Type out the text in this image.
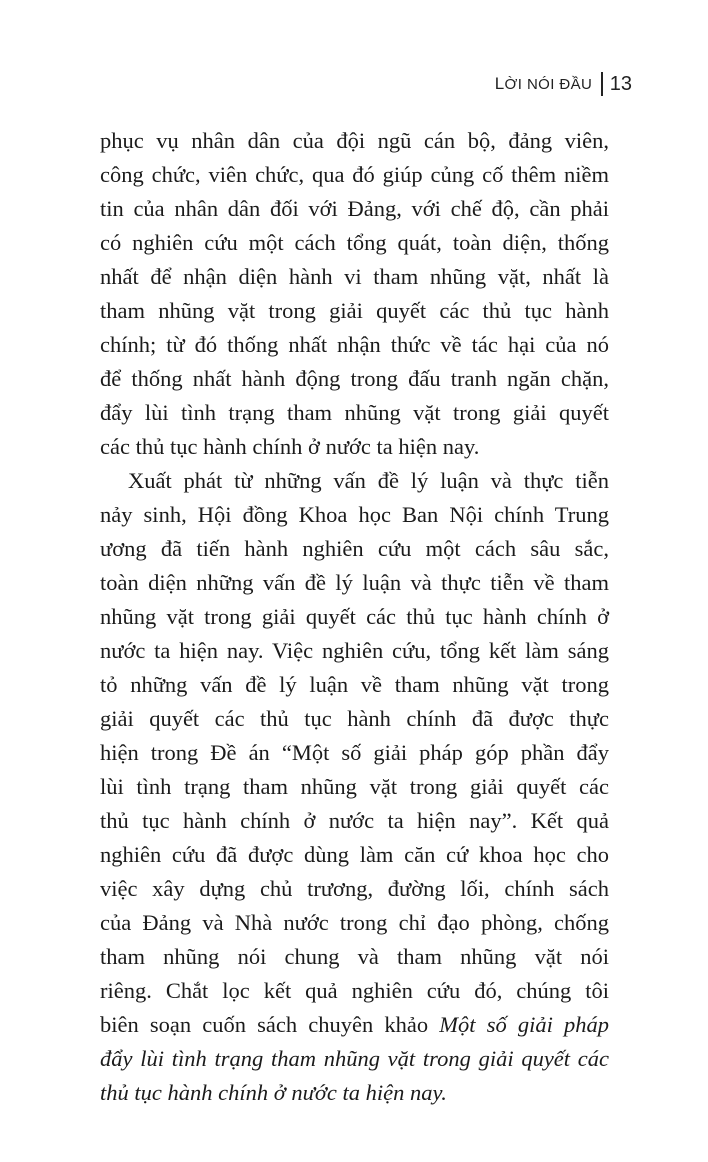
LỜI NÓI ĐẦU 13
phục vụ nhân dân của đội ngũ cán bộ, đảng viên,
công chức, viên chức, qua đó giúp củng cố thêm niềm
tin của nhân dân đối với Đảng, với chế độ, cần phải
có nghiên cứu một cách tổng quát, toàn diện, thống
nhất để nhận diện hành vi tham nhũng vặt, nhất là
tham nhũng vặt trong giải quyết các thủ tục hành
chính; từ đó thống nhất nhận thức về tác hại của nó
để thống nhất hành động trong đấu tranh ngăn chặn,
đẩy lùi tình trạng tham nhũng vặt trong giải quyết
các thủ tục hành chính ở nước ta hiện nay.
Xuất phát từ những vấn đề lý luận và thực tiễn
nảy sinh, Hội đồng Khoa học Ban Nội chính Trung
ương đã tiến hành nghiên cứu một cách sâu sắc,
toàn diện những vấn đề lý luận và thực tiễn về tham
nhũng vặt trong giải quyết các thủ tục hành chính ở
nước ta hiện nay. Việc nghiên cứu, tổng kết làm sáng
tỏ những vấn đề lý luận về tham nhũng vặt trong
giải quyết các thủ tục hành chính đã được thực
hiện trong Đề án “Một số giải pháp góp phần đẩy
lùi tình trạng tham nhũng vặt trong giải quyết các
thủ tục hành chính ở nước ta hiện nay”. Kết quả
nghiên cứu đã được dùng làm căn cứ khoa học cho
việc xây dựng chủ trương, đường lối, chính sách
của Đảng và Nhà nước trong chỉ đạo phòng, chống
tham nhũng nói chung và tham nhũng vặt nói
riêng. Chắt lọc kết quả nghiên cứu đó, chúng tôi
biên soạn cuốn sách chuyên khảo Một số giải pháp
đẩy lùi tình trạng tham nhũng vặt trong giải quyết các
thủ tục hành chính ở nước ta hiện nay.
